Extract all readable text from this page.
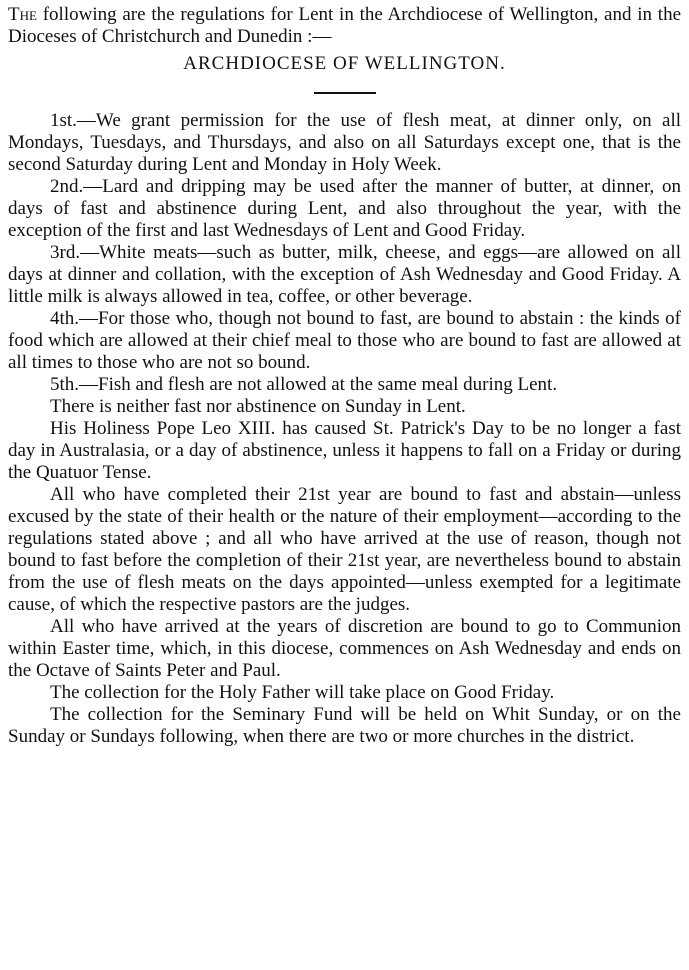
The following are the regulations for Lent in the Archdiocese of Wellington, and in the Dioceses of Christchurch and Dunedin :—

ARCHDIOCESE OF WELLINGTON.

1st.—We grant permission for the use of flesh meat, at dinner only, on all Mondays, Tuesdays, and Thursdays, and also on all Saturdays except one, that is the second Saturday during Lent and Monday in Holy Week.

2nd.—Lard and dripping may be used after the manner of butter, at dinner, on days of fast and abstinence during Lent, and also throughout the year, with the exception of the first and last Wednesdays of Lent and Good Friday.

3rd.—White meats—such as butter, milk, cheese, and eggs—are allowed on all days at dinner and collation, with the exception of Ash Wednesday and Good Friday. A little milk is always allowed in tea, coffee, or other beverage.

4th.—For those who, though not bound to fast, are bound to abstain : the kinds of food which are allowed at their chief meal to those who are bound to fast are allowed at all times to those who are not so bound.

5th.—Fish and flesh are not allowed at the same meal during Lent.

There is neither fast nor abstinence on Sunday in Lent.

His Holiness Pope Leo XIII. has caused St. Patrick's Day to be no longer a fast day in Australasia, or a day of abstinence, unless it happens to fall on a Friday or during the Quatuor Tense.

All who have completed their 21st year are bound to fast and abstain—unless excused by the state of their health or the nature of their employment—according to the regulations stated above ; and all who have arrived at the use of reason, though not bound to fast before the completion of their 21st year, are nevertheless bound to abstain from the use of flesh meats on the days appointed—unless exempted for a legitimate cause, of which the respective pastors are the judges.

All who have arrived at the years of discretion are bound to go to Communion within Easter time, which, in this diocese, commences on Ash Wednesday and ends on the Octave of Saints Peter and Paul.

The collection for the Holy Father will take place on Good Friday.

The collection for the Seminary Fund will be held on Whit Sunday, or on the Sunday or Sundays following, when there are two or more churches in the district.
